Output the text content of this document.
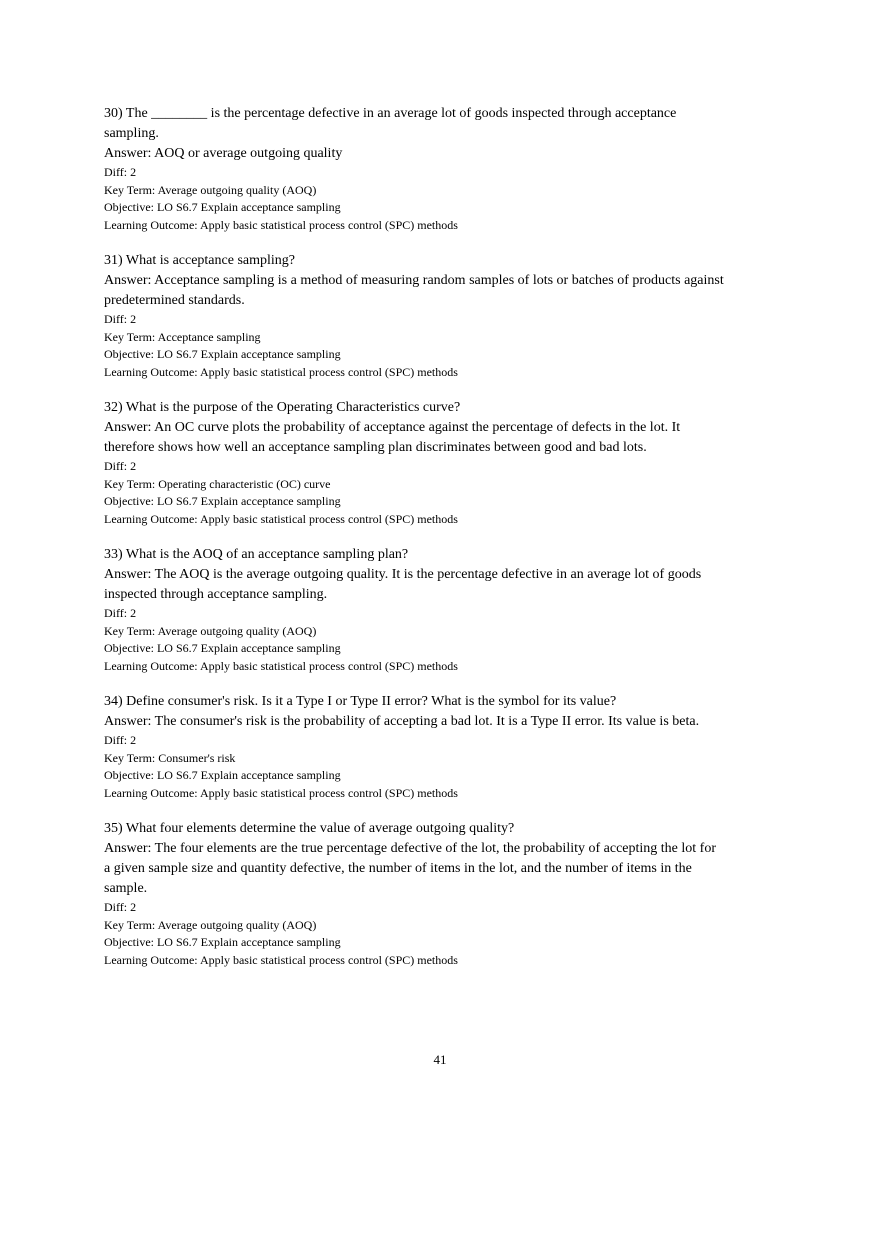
30) The ________ is the percentage defective in an average lot of goods inspected through acceptance sampling.
Answer: AOQ or average outgoing quality
Diff: 2
Key Term: Average outgoing quality (AOQ)
Objective: LO S6.7 Explain acceptance sampling
Learning Outcome: Apply basic statistical process control (SPC) methods
31) What is acceptance sampling?
Answer: Acceptance sampling is a method of measuring random samples of lots or batches of products against predetermined standards.
Diff: 2
Key Term: Acceptance sampling
Objective: LO S6.7 Explain acceptance sampling
Learning Outcome: Apply basic statistical process control (SPC) methods
32) What is the purpose of the Operating Characteristics curve?
Answer: An OC curve plots the probability of acceptance against the percentage of defects in the lot. It therefore shows how well an acceptance sampling plan discriminates between good and bad lots.
Diff: 2
Key Term: Operating characteristic (OC) curve
Objective: LO S6.7 Explain acceptance sampling
Learning Outcome: Apply basic statistical process control (SPC) methods
33) What is the AOQ of an acceptance sampling plan?
Answer: The AOQ is the average outgoing quality. It is the percentage defective in an average lot of goods inspected through acceptance sampling.
Diff: 2
Key Term: Average outgoing quality (AOQ)
Objective: LO S6.7 Explain acceptance sampling
Learning Outcome: Apply basic statistical process control (SPC) methods
34) Define consumer's risk. Is it a Type I or Type II error? What is the symbol for its value?
Answer: The consumer's risk is the probability of accepting a bad lot. It is a Type II error. Its value is beta.
Diff: 2
Key Term: Consumer's risk
Objective: LO S6.7 Explain acceptance sampling
Learning Outcome: Apply basic statistical process control (SPC) methods
35) What four elements determine the value of average outgoing quality?
Answer: The four elements are the true percentage defective of the lot, the probability of accepting the lot for a given sample size and quantity defective, the number of items in the lot, and the number of items in the sample.
Diff: 2
Key Term: Average outgoing quality (AOQ)
Objective: LO S6.7 Explain acceptance sampling
Learning Outcome: Apply basic statistical process control (SPC) methods
41
